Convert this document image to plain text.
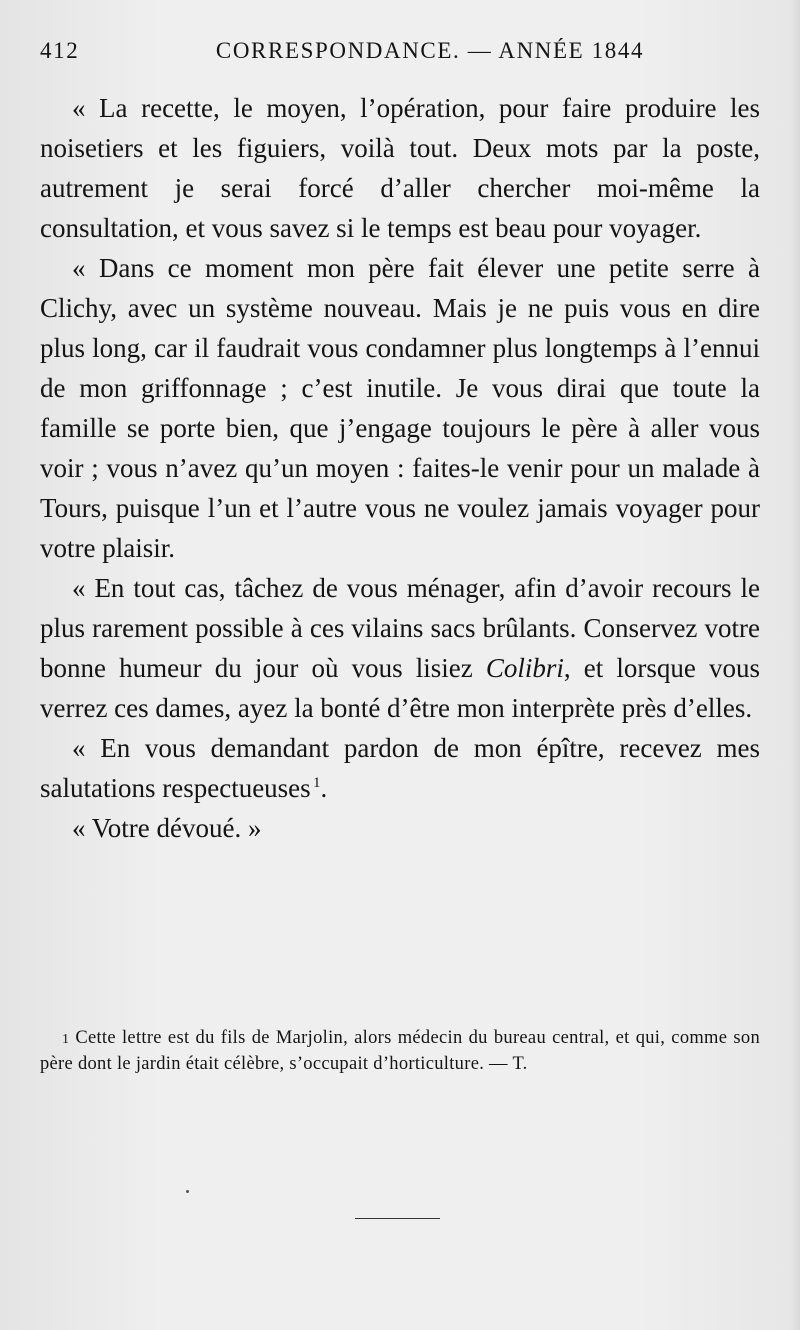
412	CORRESPONDANCE. — ANNÉE 1844

« La recette, le moyen, l’opération, pour faire produire les noisetiers et les figuiers, voilà tout. Deux mots par la poste, autrement je serai forcé d’aller chercher moi-même la consultation, et vous savez si le temps est beau pour voyager.

« Dans ce moment mon père fait élever une petite serre à Clichy, avec un système nouveau. Mais je ne puis vous en dire plus long, car il faudrait vous condamner plus longtemps à l’ennui de mon griffonnage ; c’est inutile. Je vous dirai que toute la famille se porte bien, que j’engage toujours le père à aller vous voir ; vous n’avez qu’un moyen : faites-le venir pour un malade à Tours, puisque l’un et l’autre vous ne voulez jamais voyager pour votre plaisir.

« En tout cas, tâchez de vous ménager, afin d’avoir recours le plus rarement possible à ces vilains sacs brûlants. Conservez votre bonne humeur du jour où vous lisiez Colibri, et lorsque vous verrez ces dames, ayez la bonté d’être mon interprète près d’elles.

« En vous demandant pardon de mon épître, recevez mes salutations respectueuses  $^1$.

« Votre dévoué. »

1 Cette lettre est du fils de Marjolin, alors médecin du bureau central, et qui, comme son père dont le jardin était célèbre, s’occupait d’horticulture. — T.
